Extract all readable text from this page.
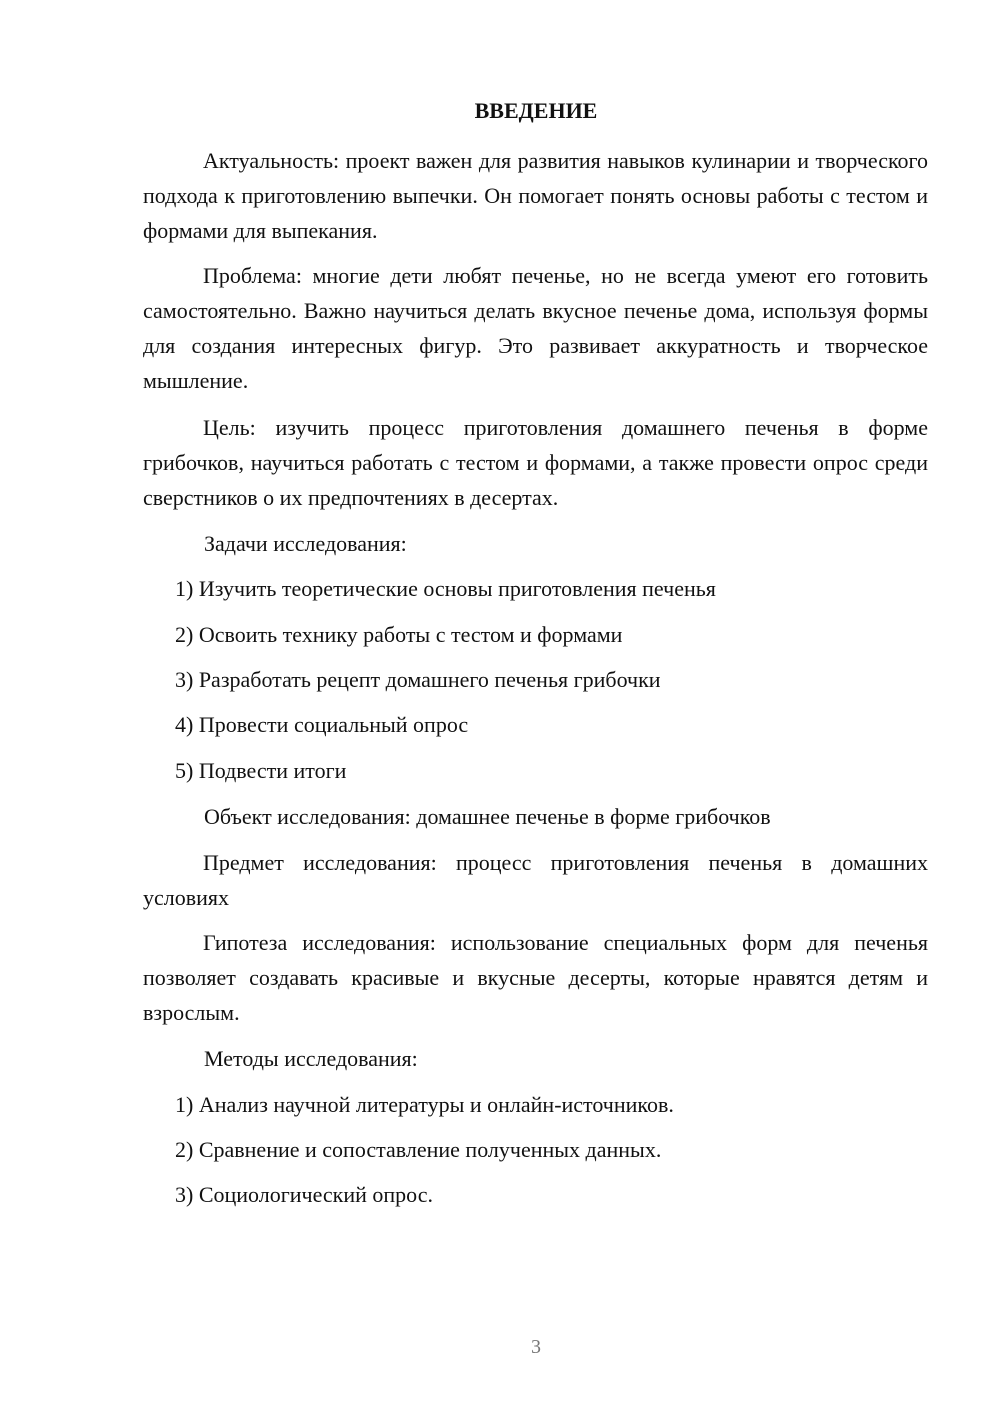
ВВЕДЕНИЕ

Актуальность: проект важен для развития навыков кулинарии и творческого подхода к приготовлению выпечки. Он помогает понять основы работы с тестом и формами для выпекания.

Проблема: многие дети любят печенье, но не всегда умеют его готовить самостоятельно. Важно научиться делать вкусное печенье дома, используя формы для создания интересных фигур. Это развивает аккуратность и творческое мышление.

Цель: изучить процесс приготовления домашнего печенья в форме грибочков, научиться работать с тестом и формами, а также провести опрос среди сверстников о их предпочтениях в десертах.

Задачи исследования:
1) Изучить теоретические основы приготовления печенья
2) Освоить технику работы с тестом и формами
3) Разработать рецепт домашнего печенья грибочки
4) Провести социальный опрос
5) Подвести итоги
Объект исследования: домашнее печенье в форме грибочков

Предмет исследования: процесс приготовления печенья в домашних условиях

Гипотеза исследования: использование специальных форм для печенья позволяет создавать красивые и вкусные десерты, которые нравятся детям и взрослым.

Методы исследования:
1) Анализ научной литературы и онлайн-источников.
2) Сравнение и сопоставление полученных данных.
3) Социологический опрос.
3
